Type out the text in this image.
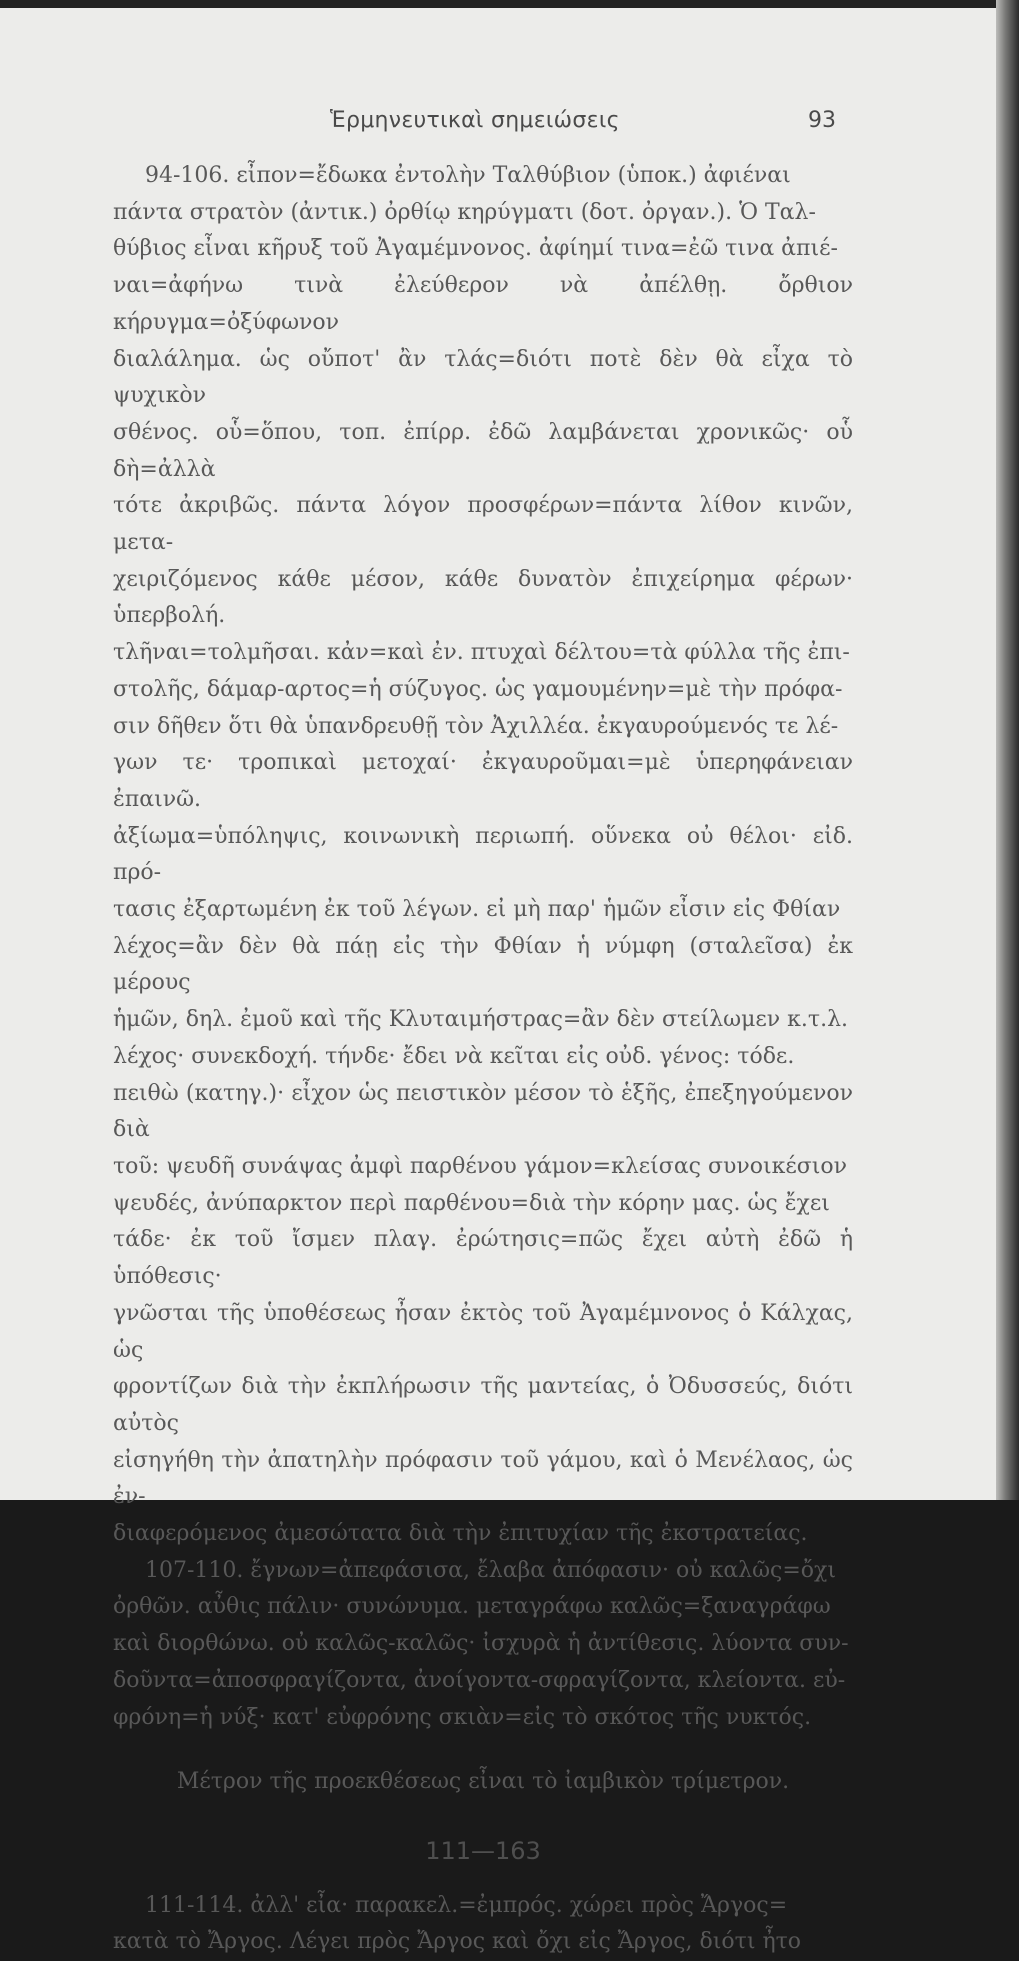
Ἑρμηνευτικαὶ σημειώσεις	93

94-106. εἶπον=ἔδωκα ἐντολὴν Ταλθύβιον (ὑποκ.) ἀφιέναι

πάντα στρατὸν (ἀντικ.) ὀρθίῳ κηρύγματι (δοτ. ὀργαν.). Ὁ Ταλ-

θύβιος εἶναι κῆρυξ τοῦ Ἀγαμέμνονος. ἀφίημί τινα=ἐῶ τινα ἀπιέ-

ναι=ἀφήνω τινὰ ἐλεύθερον νὰ ἀπέλθῃ. ὄρθιον κήρυγμα=ὀξύφωνον

διαλάλημα. ὡς οὔποτ' ἂν τλάς=διότι ποτὲ δὲν θὰ εἶχα τὸ ψυχικὸν

σθένος. οὗ=ὅπου, τοπ. ἐπίρρ. ἐδῶ λαμβάνεται χρονικῶς· οὗ δὴ=ἀλλὰ

τότε ἀκριβῶς. πάντα λόγον προσφέρων=πάντα λίθον κινῶν, μετα-

χειριζόμενος κάθε μέσον, κάθε δυνατὸν ἐπιχείρημα φέρων· ὑπερβολή.

τλῆναι=τολμῆσαι. κἀν=καὶ ἐν. πτυχαὶ δέλτου=τὰ φύλλα τῆς ἐπι-

στολῆς, δάμαρ-αρτος=ἡ σύζυγος. ὡς γαμουμένην=μὲ τὴν πρόφα-

σιν δῆθεν ὅτι θὰ ὑπανδρευθῇ τὸν Ἀχιλλέα. ἐκγαυρούμενός τε λέ-

γων τε· τροπικαὶ μετοχαί· ἐκγαυροῦμαι=μὲ ὑπερηφάνειαν ἐπαινῶ.

ἀξίωμα=ὑπόληψις, κοινωνικὴ περιωπή. οὕνεκα οὐ θέλοι· εἰδ. πρό-

τασις ἐξαρτωμένη ἐκ τοῦ λέγων. εἰ μὴ παρ' ἡμῶν εἶσιν εἰς Φθίαν

λέχος=ἂν δὲν θὰ πάῃ εἰς τὴν Φθίαν ἡ νύμφη (σταλεῖσα) ἐκ μέρους

ἡμῶν, δηλ. ἐμοῦ καὶ τῆς Κλυταιμήστρας=ἂν δὲν στείλωμεν κ.τ.λ.

λέχος· συνεκδοχή. τήνδε· ἔδει νὰ κεῖται εἰς οὐδ. γένος: τόδε.

πειθὼ (κατηγ.)· εἶχον ὡς πειστικὸν μέσον τὸ ἑξῆς, ἐπεξηγούμενον διὰ

τοῦ: ψευδῆ συνάψας ἀμφὶ παρθένου γάμον=κλείσας συνοικέσιον

ψευδές, ἀνύπαρκτον περὶ παρθένου=διὰ τὴν κόρην μας. ὡς ἔχει

τάδε· ἐκ τοῦ ἴσμεν πλαγ. ἐρώτησις=πῶς ἔχει αὐτὴ ἐδῶ ἡ ὑπόθεσις·

γνῶσται τῆς ὑποθέσεως ἦσαν ἐκτὸς τοῦ Ἀγαμέμνονος ὁ Κάλχας, ὡς

φροντίζων διὰ τὴν ἐκπλήρωσιν τῆς μαντείας, ὁ Ὀδυσσεύς, διότι αὐτὸς

εἰσηγήθη τὴν ἀπατηλὴν πρόφασιν τοῦ γάμου, καὶ ὁ Μενέλαος, ὡς ἐν-

διαφερόμενος ἀμεσώτατα διὰ τὴν ἐπιτυχίαν τῆς ἐκστρατείας.

107-110. ἔγνων=ἀπεφάσισα, ἔλαβα ἀπόφασιν· οὐ καλῶς=ὄχι

ὀρθῶν. αὖθις πάλιν· συνώνυμα. μεταγράφω καλῶς=ξαναγράφω

καὶ διορθώνω. οὐ καλῶς-καλῶς· ἰσχυρὰ ἡ ἀντίθεσις. λύοντα συν-

δοῦντα=ἀποσφραγίζοντα, ἀνοίγοντα-σφραγίζοντα, κλείοντα. εὐ-

φρόνη=ἡ νύξ· κατ' εὐφρόνης σκιὰν=εἰς τὸ σκότος τῆς νυκτός.

Μέτρον τῆς προεκθέσεως εἶναι τὸ ἰαμβικὸν τρίμετρον.

111—163

111-114. ἀλλ' εἶα· παρακελ.=ἐμπρός. χώρει πρὸς Ἄργος=

κατὰ τὸ Ἄργος. Λέγει πρὸς Ἄργος καὶ ὄχι εἰς Ἄργος, διότι ἦτο
